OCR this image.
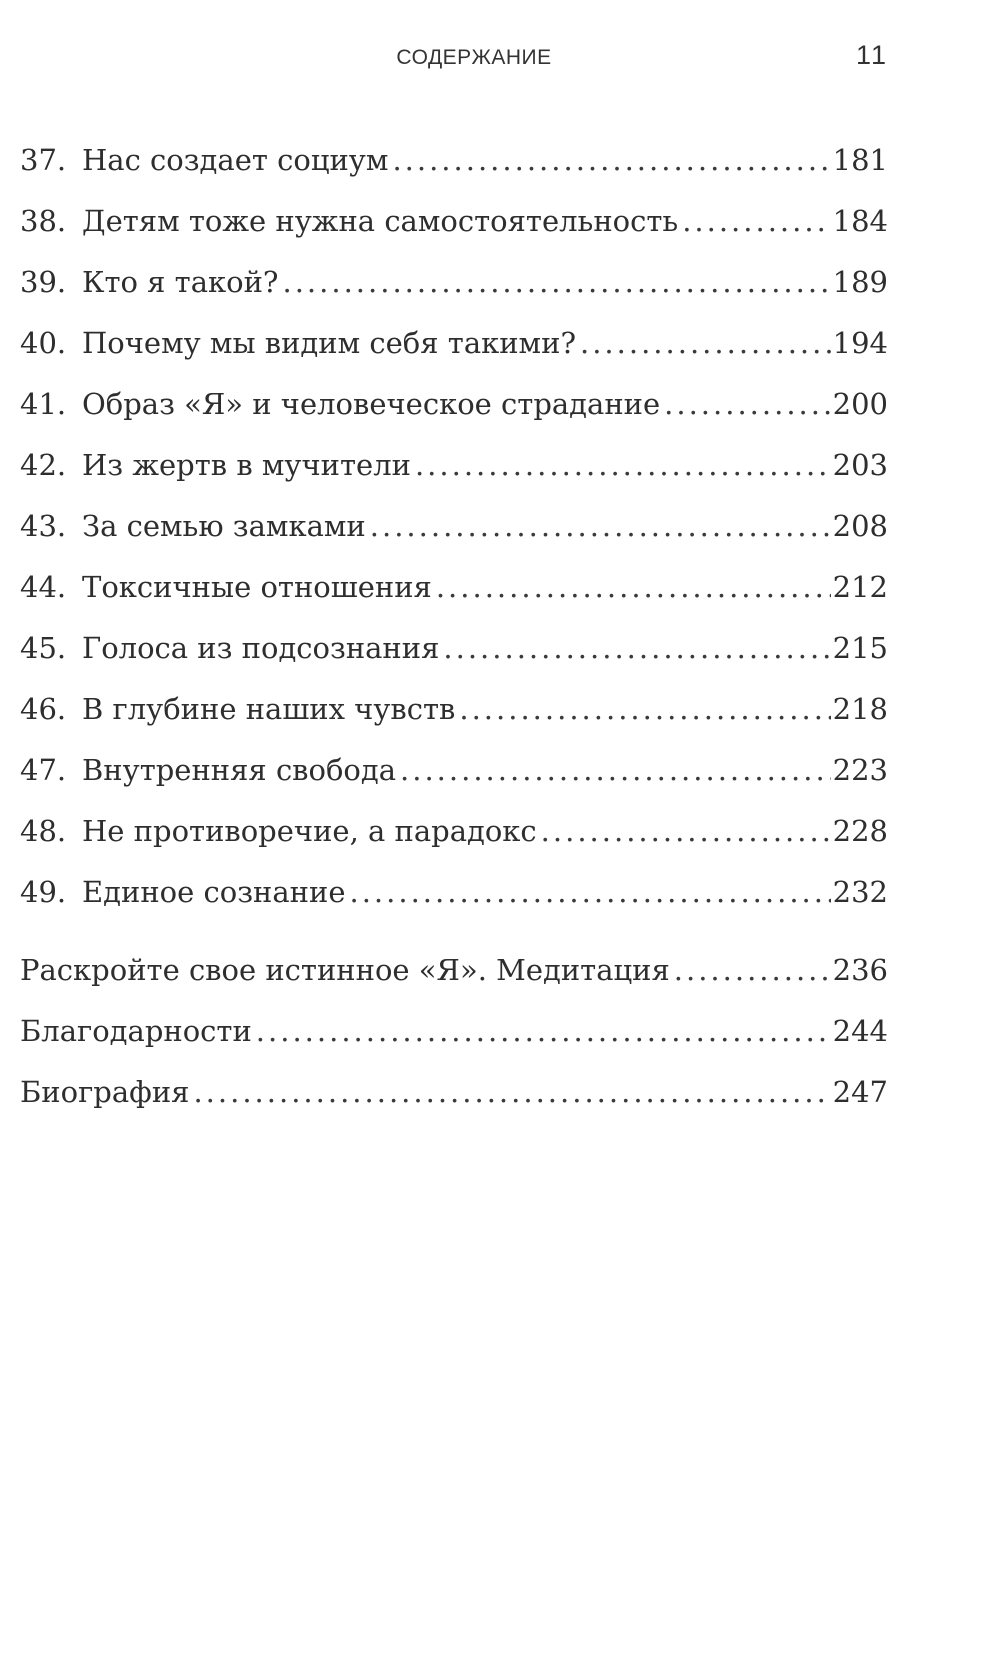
СОДЕРЖАНИЕ	11
37. Нас создает социум .....	181
38. Детям тоже нужна самостоятельность .....	184
39. Кто я такой? .....	189
40. Почему мы видим себя такими? .....	194
41. Образ «Я» и человеческое страдание .....	200
42. Из жертв в мучители .....	203
43. За семью замками .....	208
44. Токсичные отношения .....	212
45. Голоса из подсознания .....	215
46. В глубине наших чувств .....	218
47. Внутренняя свобода .....	223
48. Не противоречие, а парадокс .....	228
49. Единое сознание .....	232
Раскройте свое истинное «Я». Медитация .....	236
Благодарности .....	244
Биография .....	247
